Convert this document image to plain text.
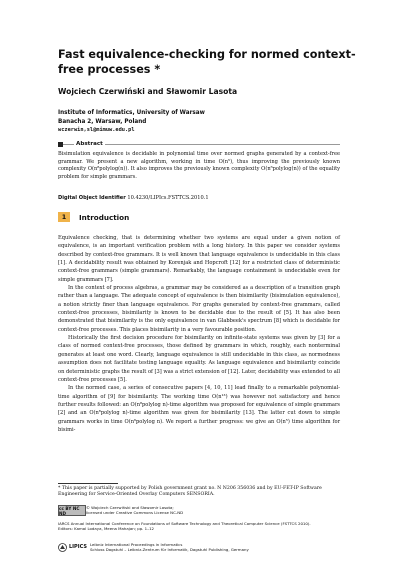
Fast equivalence-checking for normed context-free processes *
Wojciech Czerwiński and Sławomir Lasota
Institute of Informatics, University of Warsaw
Banacha 2, Warsaw, Poland
wczerwin,sl@mimuw.edu.pl
Abstract
Bisimulation equivalence is decidable in polynomial time over normed graphs generated by a context-free grammar. We present a new algorithm, working in time O(n⁵), thus improving the previously known complexity O(n⁸polylog(n)). It also improves the previously known complexity O(n⁶polylog(n)) of the equality problem for simple grammars.
Digital Object Identifier 10.4230/LIPIcs.FSTTCS.2010.1
1	Introduction

Equivalence checking, that is determining whether two systems are equal under a given notion of equivalence, is an important verification problem with a long history. In this paper we consider systems described by context-free grammars. It is well known that language equivalence is undecidable in this class [1]. A decidability result was obtained by Korenjak and Hopcroft [12] for a restricted class of deterministic context-free grammars (simple grammars). Remarkably, the language containment is undecidable even for simple grammars [7].

In the context of process algebras, a grammar may be considered as a description of a transition graph rather than a language. The adequate concept of equivalence is then bisimilarity (bisimulation equivalence), a notion strictly finer than language equivalence. For graphs generated by context-free grammars, called context-free processes, bisimilarity is known to be decidable due to the result of [5]. It has also been demonstrated that bisimilarity is the only equivalence in van Glabbeek's spectrum [8] which is decidable for context-free processes. This places bisimilarity in a very favourable position.

Historically the first decision procedure for bisimilarity on infinite-state systems was given by [3] for a class of normed context-free processes, those defined by grammars in which, roughly, each nonterminal generates at least one word. Clearly, language equivalence is still undecidable in this class, as normedness assumption does not facilitate testing language equality. As language equivalence and bisimilarity coincide on deterministic graphs the result of [3] was a strict extension of [12]. Later, decidability was extended to all context-free processes [5].

In the normed case, a series of consecutive papers [4, 10, 11] lead finally to a remarkable polynomial-time algorithm of [9] for bisimilarity. The working time O(n¹³) was however not satisfactory and hence further results followed: an O(n⁸polylog n)-time algorithm was proposed for equivalence of simple grammars [2] and an O(n⁸polylog n)-time algorithm was given for bisimilarity [13]. The latter cut down to simple grammars works in time O(n⁶polylog n). We report a further progress: we give an O(n⁵) time algorithm for bisimi-

* This paper is partially supported by Polish government grant no. N N206 356036 and by EU-FET-IP Software Engineering for Service-Oriented Overlay Computers SENSORIA.
cc BY NC ND
© Wojciech Czerwiński and Sławomir Lasota;
licensed under Creative Commons License NC-ND
IARCS Annual International Conference on Foundations of Software Technology and Theoretical Computer Science (FSTTCS 2010).
Editors: Kamal Lodaya, Meena Mahajan; pp. 1–12
LIPICS Leibniz International Proceedings in Informatics
Schloss Dagstuhl – Leibniz-Zentrum für Informatik, Dagstuhl Publishing, Germany
